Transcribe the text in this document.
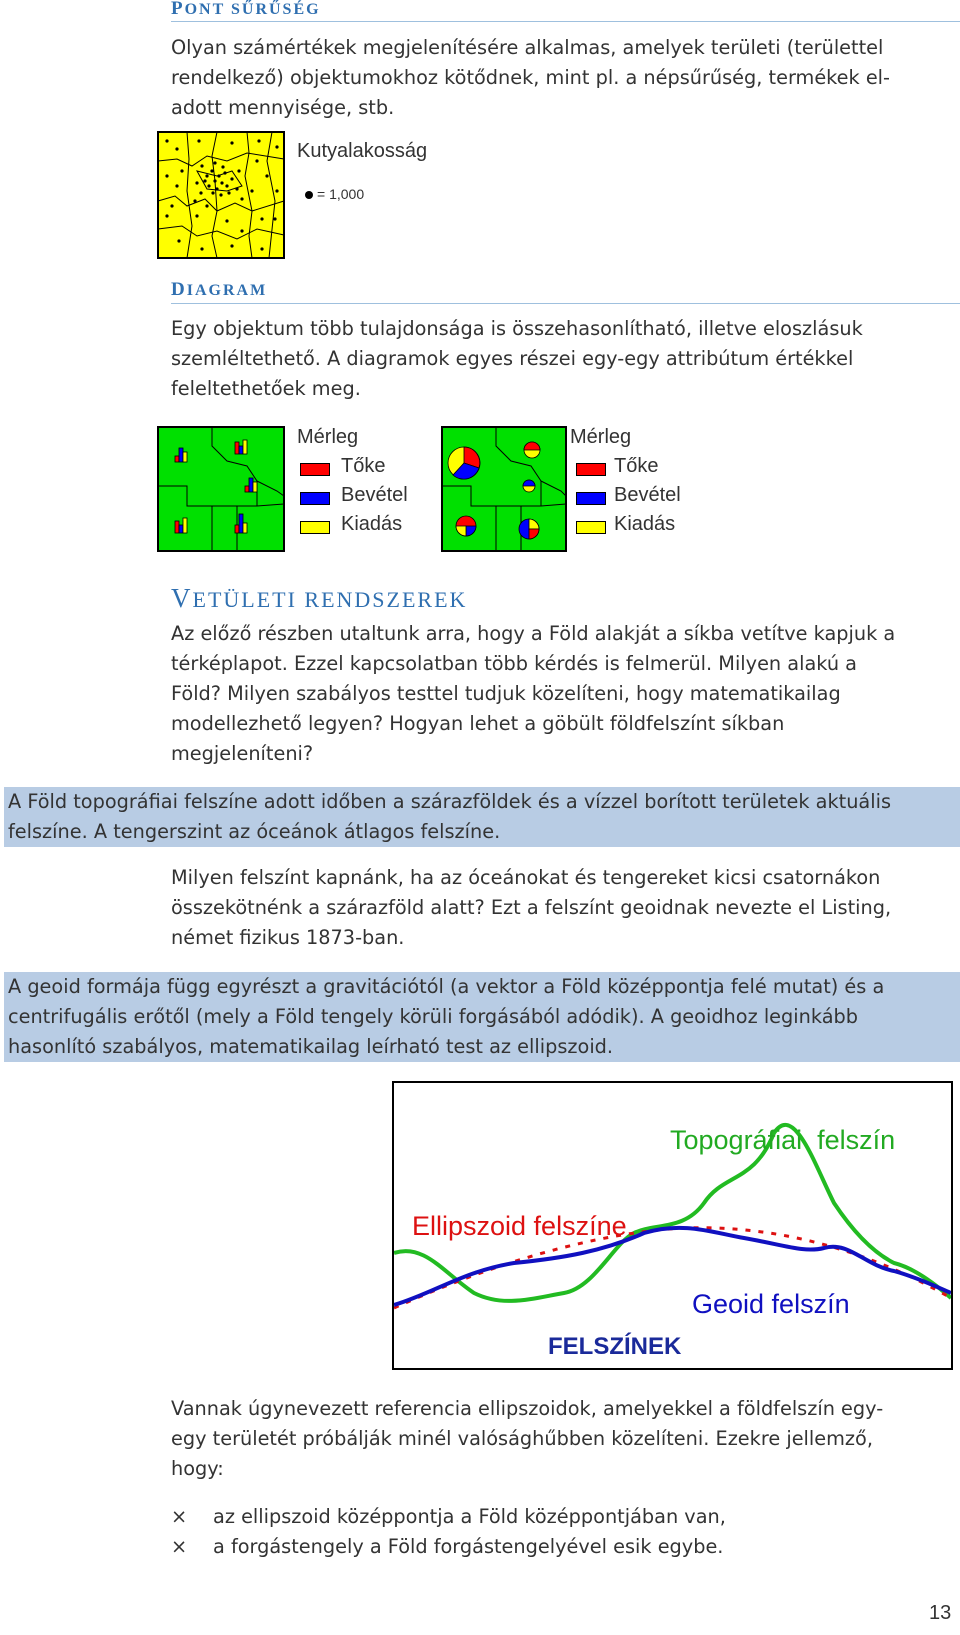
PONT SŰRŰSÉG

Olyan számértékek megjelenítésére alkalmas, amelyek területi (területtel

rendelkező) objektumokhoz kötődnek, mint pl. a népsűrűség, termékek el-

adott mennyisége, stb.

Kutyalakosság
= 1,000
DIAGRAM

Egy objektum több tulajdonsága is összehasonlítható, illetve eloszlásuk

szemléltethető. A diagramok egyes részei egy-egy attribútum értékkel

feleltethetőek meg.

Mérleg
Tőke
Bevétel
Kiadás
Mérleg
Tőke
Bevétel
Kiadás
VETÜLETI RENDSZEREK

Az előző részben utaltunk arra, hogy a Föld alakját a síkba vetítve kapjuk a

térképlapot. Ezzel kapcsolatban több kérdés is felmerül. Milyen alakú a

Föld? Milyen szabályos testtel tudjuk közelíteni, hogy matematikailag

modellezhető legyen? Hogyan lehet a göbült földfelszínt síkban

megjeleníteni?

A Föld topográfiai felszíne adott időben a szárazföldek és a vízzel borított területek aktuális
felszíne. A tengerszint az óceánok átlagos felszíne.

Milyen felszínt kapnánk, ha az óceánokat és tengereket kicsi csatornákon

összekötnénk a szárazföld alatt? Ezt a felszínt geoidnak nevezte el Listing,

német fizikus 1873-ban.

A geoid formája függ egyrészt a gravitációtól (a vektor a Föld középpontja felé mutat) és a
centrifugális erőtől (mely a Föld tengely körüli forgásából adódik). A geoidhoz leginkább
hasonlító szabályos, matematikailag leírható test az ellipszoid.
Topográfiai  felszín
Ellipszoid felszíne
Geoid felszín
FELSZÍNEK

Vannak úgynevezett referencia ellipszoidok, amelyekkel a földfelszín egy-

egy területét próbálják minél valósághűbben közelíteni. Ezekre jellemző,

hogy:

× az ellipszoid középpontja a Föld középpontjában van,
× a forgástengely a Föld forgástengelyével esik egybe.
13
